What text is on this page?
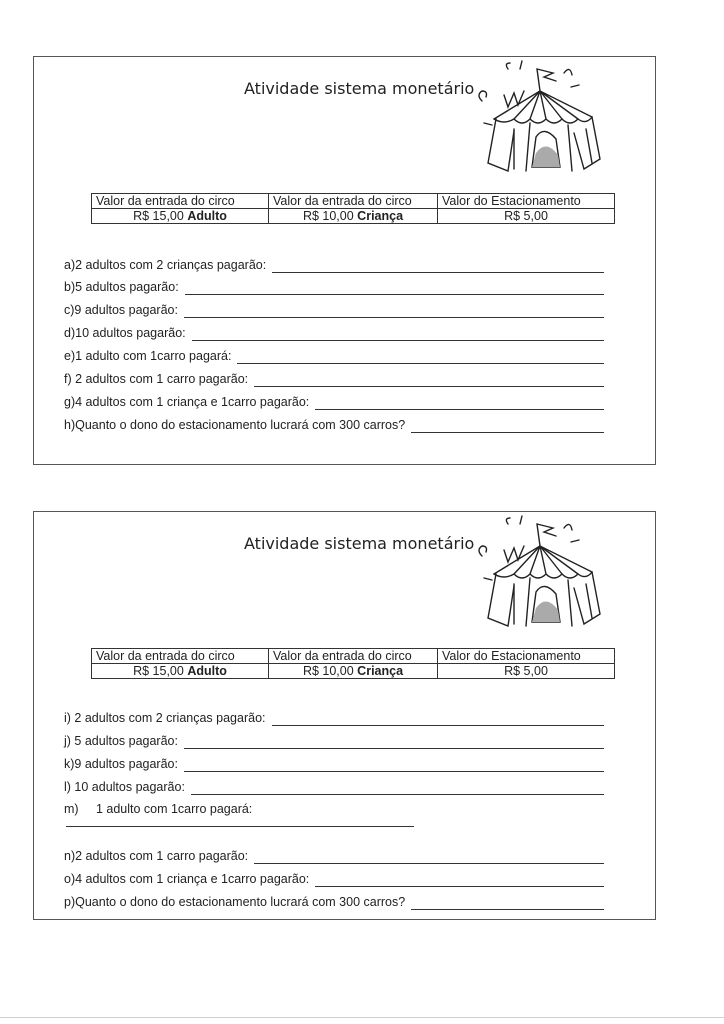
Atividade sistema monetário
Valor da entrada do circo	Valor da entrada do circo	Valor do Estacionamento
R$ 15,00 Adulto	R$ 10,00 Criança	R$ 5,00
a)2 adultos com 2 crianças pagarão:
b)5 adultos pagarão:
c)9 adultos pagarão:
d)10 adultos pagarão:
e)1 adulto com 1carro pagará:
f) 2 adultos com 1 carro pagarão:
g)4 adultos com 1 criança e 1carro pagarão:
h)Quanto o dono do estacionamento lucrará com 300 carros?
Atividade sistema monetário
Valor da entrada do circo	Valor da entrada do circo	Valor do Estacionamento
R$ 15,00 Adulto	R$ 10,00 Criança	R$ 5,00
i) 2 adultos com 2 crianças pagarão:
j) 5 adultos pagarão:
k)9 adultos pagarão:
l) 10 adultos pagarão:
m)     1 adulto com 1carro pagará:
n)2 adultos com 1 carro pagarão:
o)4 adultos com 1 criança e 1carro pagarão:
p)Quanto o dono do estacionamento lucrará com 300 carros?
